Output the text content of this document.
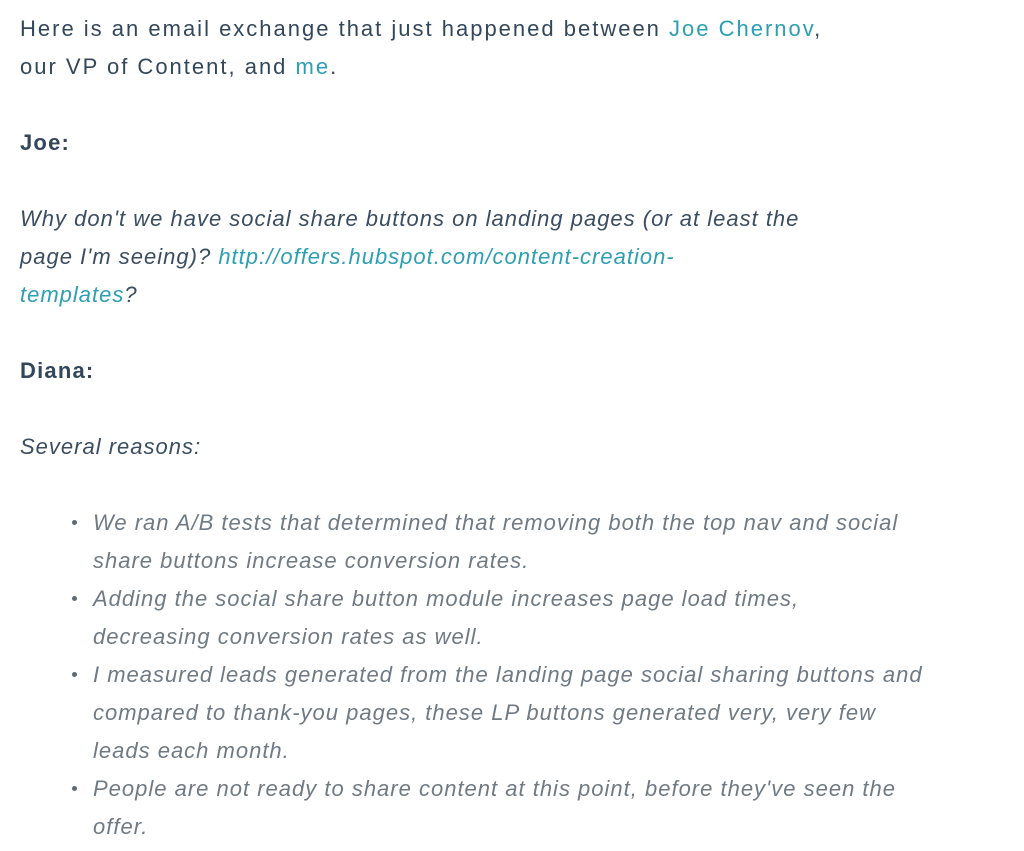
Here is an email exchange that just happened between Joe Chernov, our VP of Content, and me.

Joe:

Why don't we have social share buttons on landing pages (or at least the page I'm seeing)? http://offers.hubspot.com/content-creation-
templates?

Diana:

Several reasons:

We ran A/B tests that determined that removing both the top nav and social share buttons increase conversion rates.
Adding the social share button module increases page load times, decreasing conversion rates as well.
I measured leads generated from the landing page social sharing buttons and compared to thank-you pages, these LP buttons generated very, very few leads each month.
People are not ready to share content at this point, before they've seen the offer.
